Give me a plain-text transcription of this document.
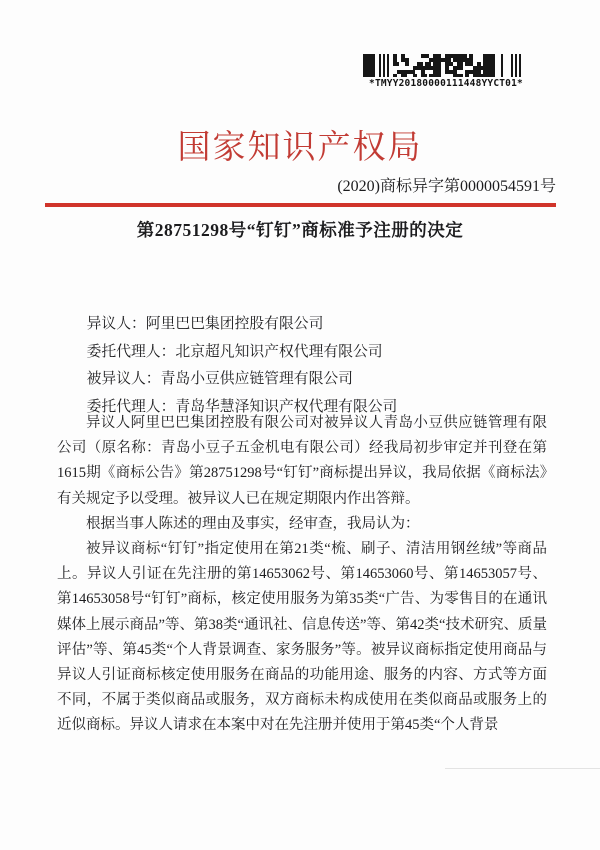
*TMYY20180000111448YYCT01*
国家知识产权局
(2020)商标异字第0000054591号
第28751298号“钉钉”商标准予注册的决定
异议人：阿里巴巴集团控股有限公司
委托代理人：北京超凡知识产权代理有限公司
被异议人：青岛小豆供应链管理有限公司
委托代理人：青岛华慧泽知识产权代理有限公司

异议人阿里巴巴集团控股有限公司对被异议人青岛小豆供应链管理有限公司（原名称：青岛小豆子五金机电有限公司）经我局初步审定并刊登在第1615期《商标公告》第28751298号“钉钉”商标提出异议，我局依据《商标法》有关规定予以受理。被异议人已在规定期限内作出答辩。

根据当事人陈述的理由及事实，经审查，我局认为：

被异议商标“钉钉”指定使用在第21类“梳、刷子、清洁用钢丝绒”等商品上。异议人引证在先注册的第14653062号、第14653060号、第14653057号、第14653058号“钉钉”商标，核定使用服务为第35类“广告、为零售目的在通讯媒体上展示商品”等、第38类“通讯社、信息传送”等、第42类“技术研究、质量评估”等、第45类“个人背景调查、家务服务”等。被异议商标指定使用商品与异议人引证商标核定使用服务在商品的功能用途、服务的内容、方式等方面不同，不属于类似商品或服务，双方商标未构成使用在类似商品或服务上的近似商标。异议人请求在本案中对在先注册并使用于第45类“个人背景
